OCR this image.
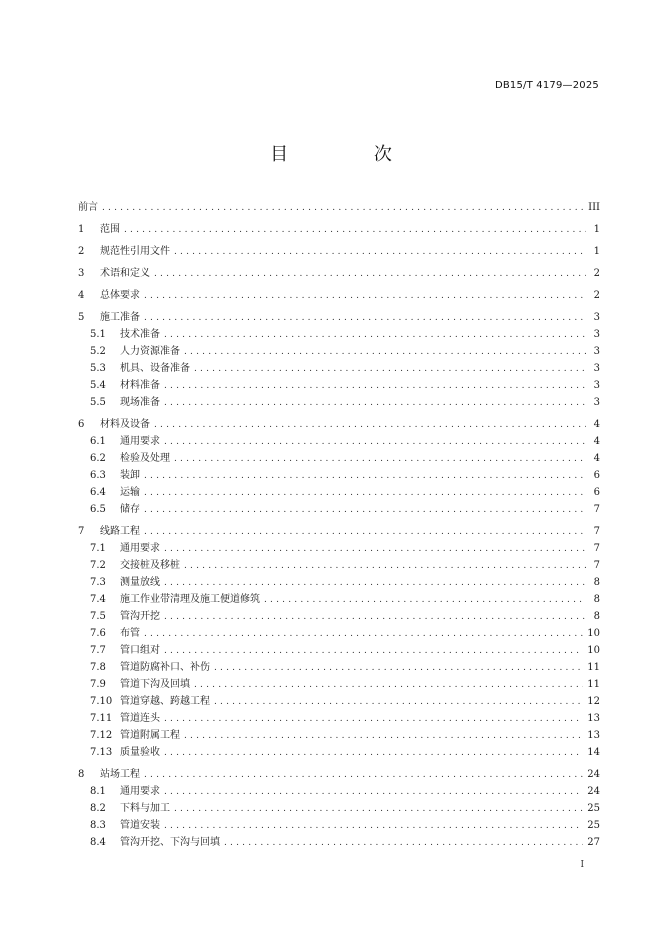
DB15/T 4179—2025
目 次
前言 .....	III
1	范围 .....	1
2	规范性引用文件 .....	1
3	术语和定义 .....	2
4	总体要求 .....	2
5	施工准备 .....	3
5.1	技术准备 .....	3
5.2	人力资源准备 .....	3
5.3	机具、设备准备 .....	3
5.4	材料准备 .....	3
5.5	现场准备 .....	3
6	材料及设备 .....	4
6.1	通用要求 .....	4
6.2	检验及处理 .....	4
6.3	装卸 .....	6
6.4	运输 .....	6
6.5	储存 .....	7
7	线路工程 .....	7
7.1	通用要求 .....	7
7.2	交接桩及移桩 .....	7
7.3	测量放线 .....	8
7.4	施工作业带清理及施工便道修筑 .....	8
7.5	管沟开挖 .....	8
7.6	布管 .....	10
7.7	管口组对 .....	10
7.8	管道防腐补口、补伤 .....	11
7.9	管道下沟及回填 .....	11
7.10 管道穿越、跨越工程 .....	12
7.11 管道连头 .....	13
7.12 管道附属工程 .....	13
7.13 质量验收 .....	14
8	站场工程 .....	24
8.1	通用要求 .....	24
8.2	下料与加工 .....	25
8.3	管道安装 .....	25
8.4	管沟开挖、下沟与回填 .....	27
I
